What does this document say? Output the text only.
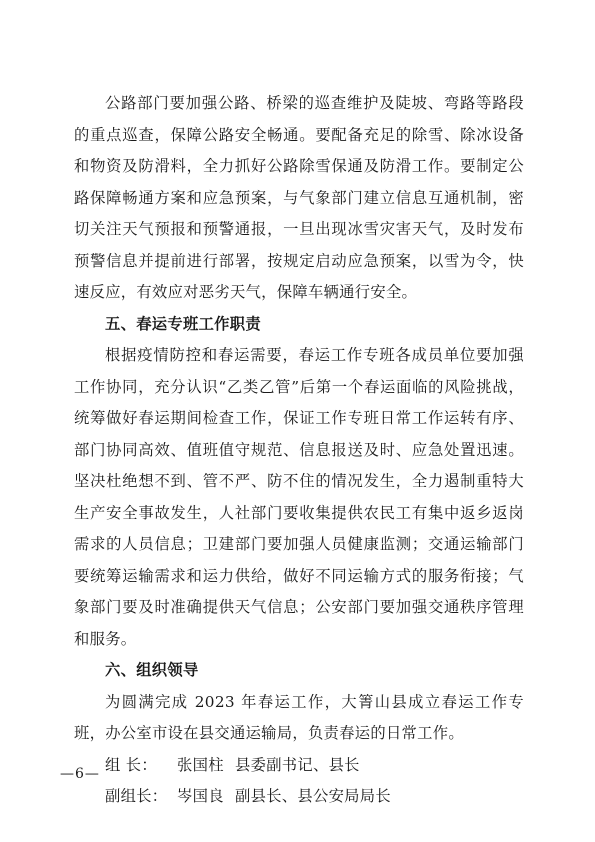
公路部门要加强公路、桥梁的巡查维护及陡坡、弯路等路段的重点巡查，保障公路安全畅通。要配备充足的除雪、除冰设备和物资及防滑料，全力抓好公路除雪保通及防滑工作。要制定公路保障畅通方案和应急预案，与气象部门建立信息互通机制，密切关注天气预报和预警通报，一旦出现冰雪灾害天气，及时发布预警信息并提前进行部署，按规定启动应急预案，以雪为令，快速反应，有效应对恶劣天气，保障车辆通行安全。

五、春运专班工作职责

根据疫情防控和春运需要，春运工作专班各成员单位要加强工作协同，充分认识“乙类乙管”后第一个春运面临的风险挑战，统筹做好春运期间检查工作，保证工作专班日常工作运转有序、部门协同高效、值班值守规范、信息报送及时、应急处置迅速。坚决杜绝想不到、管不严、防不住的情况发生，全力遏制重特大生产安全事故发生，人社部门要收集提供农民工有集中返乡返岗需求的人员信息；卫建部门要加强人员健康监测；交通运输部门要统筹运输需求和运力供给，做好不同运输方式的服务衔接；气象部门要及时准确提供天气信息；公安部门要加强交通秩序管理和服务。

六、组织领导

为圆满完成 2023 年春运工作，大箐山县成立春运工作专班，办公室市设在县交通运输局，负责春运的日常工作。

组 长： 张国柱 县委副书记、县长

副组长： 岑国良 副县长、县公安局局长

—6—
